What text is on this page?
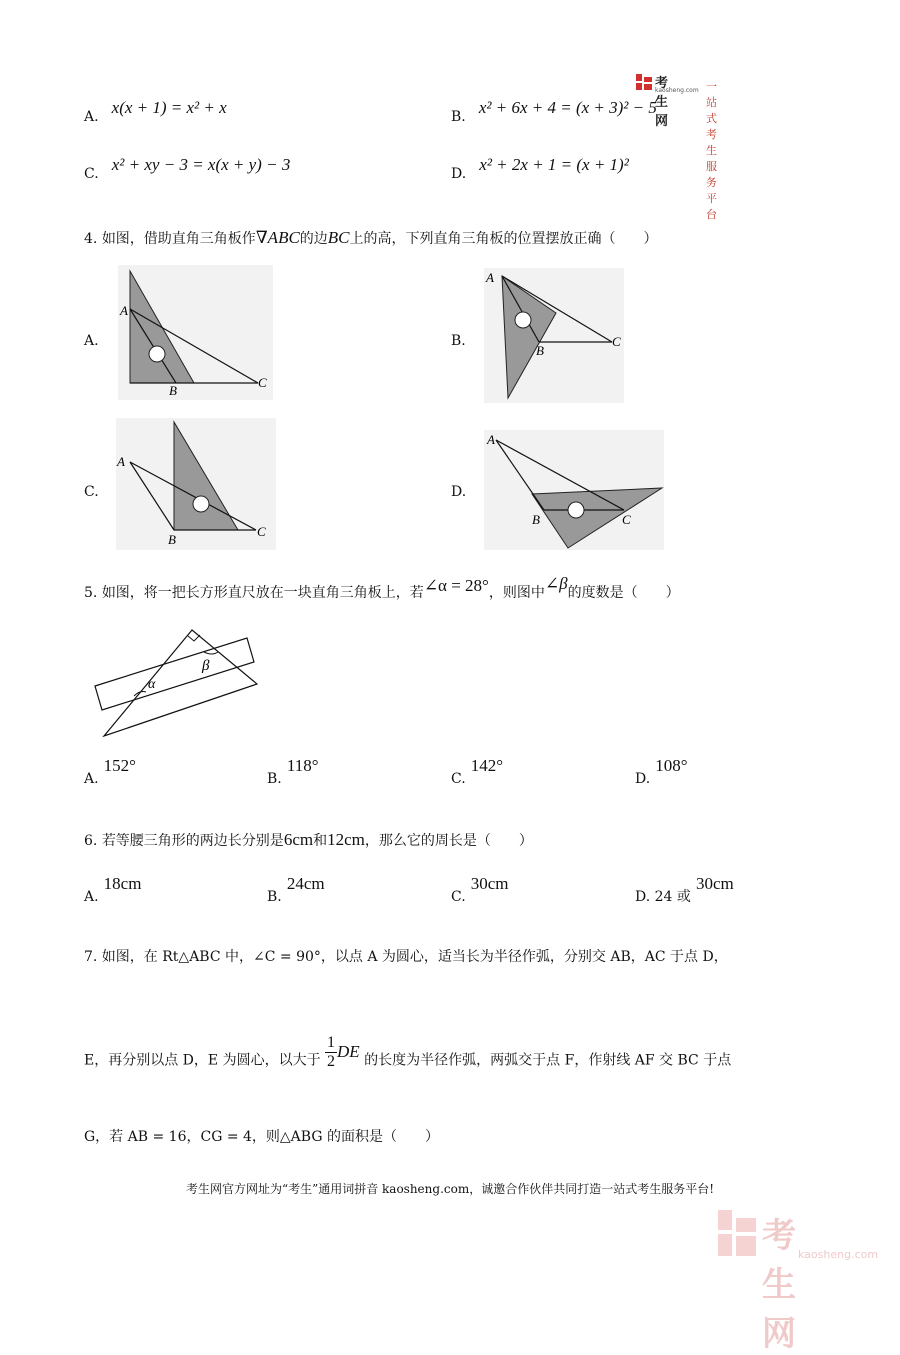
考生网
kaosheng.com 一站式考生服务平台
A. x(x + 1) = x² + x	B. x² + 6x + 4 = (x + 3)² − 5
C. x² + xy − 3 = x(x + y) − 3	D. x² + 2x + 1 = (x + 1)²
4. 如图，借助直角三角板作∇ABC的边BC上的高，下列直角三角板的位置摆放正确（　　）
A.	B.
C.	D.
A
B
C
A
B
C
A
B
C
A
B	C
5. 如图，将一把长方形直尺放在一块直角三角板上，若∠α = 28°，则图中∠β的度数是（　　）
α
β
A. 152°
B. 118°
C. 142°
D. 108°
6. 若等腰三角形的两边长分别是6cm和12cm，那么它的周长是（　　）
A. 18cm
B. 24cm
C. 30cm
D. 24 或 30cm
7. 如图，在 Rt△ABC 中，∠C = 90°，以点 A 为圆心，适当长为半径作弧，分别交 AB，AC 于点 D，
E，再分别以点 D，E 为圆心，以大于 $\frac{1}{2}$ DE 的长度为半径作弧，两弧交于点 F，作射线 AF 交 BC 于点
G，若 AB = 16，CG = 4，则△ABG 的面积是（　　）
考生网官方网址为“考生”通用词拼音 kaosheng.com，诚邀合作伙伴共同打造一站式考生服务平台!
考生网
kaosheng.com
